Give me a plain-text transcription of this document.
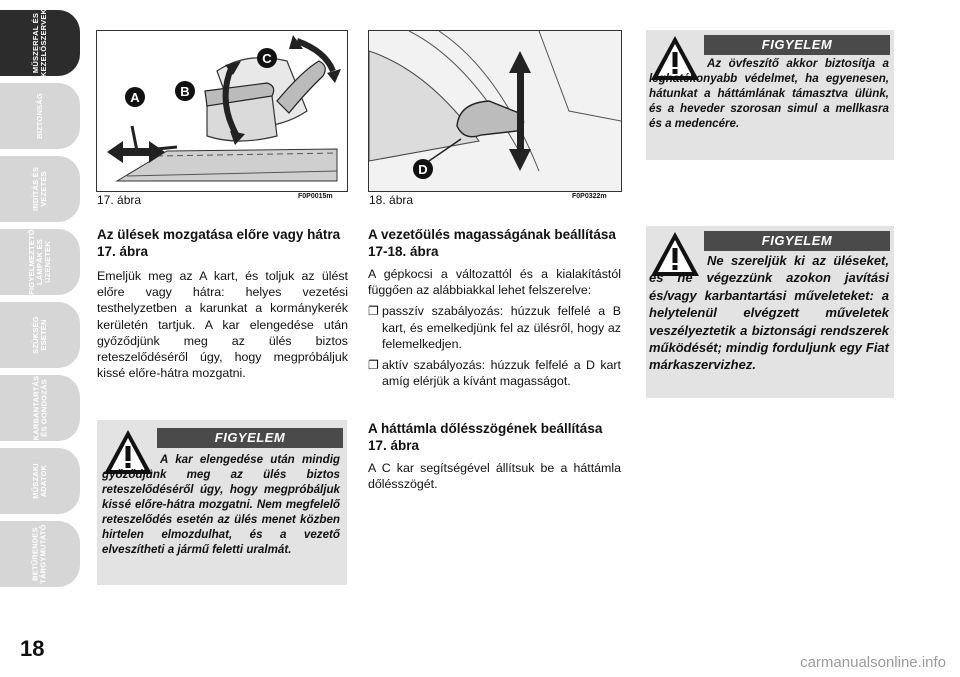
MŰSZERFAL ÉS
KEZELŐSZERVEK
BIZTONSÁG
INDÍTÁS ÉS
VEZETÉS
FIGYELMEZTETŐ
LÁMPÁK ÉS
ÜZENETEK
SZÜKSÉG
ESETÉN
KARBANTARTÁS
ÉS GONDOZÁS
MŰSZAKI
ADATOK
BETŰRENDES
TÁRGYMUTATÓ
18
A	B
C
17. ábra	F0P0015m
D
18. ábra	F0P0322m

Az ülések mozgatása előre vagy hátra 17. ábra

Emeljük meg az A kart, és toljuk az ülést előre vagy hátra: helyes vezetési testhelyzetben a karunkat a kormánykerék kerületén tartjuk. A kar elengedése után győződjünk meg az ülés biztos reteszelődéséről úgy, hogy megpróbáljuk kissé előre-hátra mozgatni.

A vezetőülés magasságának beállítása 17-18. ábra

A gépkocsi a változattól és a kialakítástól függően az alábbiakkal lehet felszerelve:

❐ passzív szabályozás: húzzuk felfelé a B kart, és emelkedjünk fel az ülésről, hogy az felemelkedjen.
❐ aktív szabályozás: húzzuk felfelé a D kart amíg elérjük a kívánt magasságot.

A háttámla dőlésszögének beállítása 17. ábra

A C kar segítségével állítsuk be a háttámla dőlésszögét.

FIGYELEM
A kar elengedése után mindig győződjünk meg az ülés biztos reteszelődéséről úgy, hogy megpróbáljuk kissé előre-hátra mozgatni. Nem megfelelő reteszelődés esetén az ülés menet közben hirtelen elmozdulhat, és a vezető elveszítheti a jármű feletti uralmát.
FIGYELEM
Az övfeszítő akkor biztosítja a leghatékonyabb védelmet, ha egyenesen, hátunkat a háttámlának támasztva ülünk, és a heveder szorosan simul a mellkasra és a medencére.
FIGYELEM
Ne szereljük ki az üléseket, és ne végezzünk azokon javítási és/vagy karbantartási műveleteket: a helytelenül elvégzett műveletek veszélyeztetik a biztonsági rendszerek működését; mindig forduljunk egy Fiat márkaszervizhez.
carmanualsonline.info
